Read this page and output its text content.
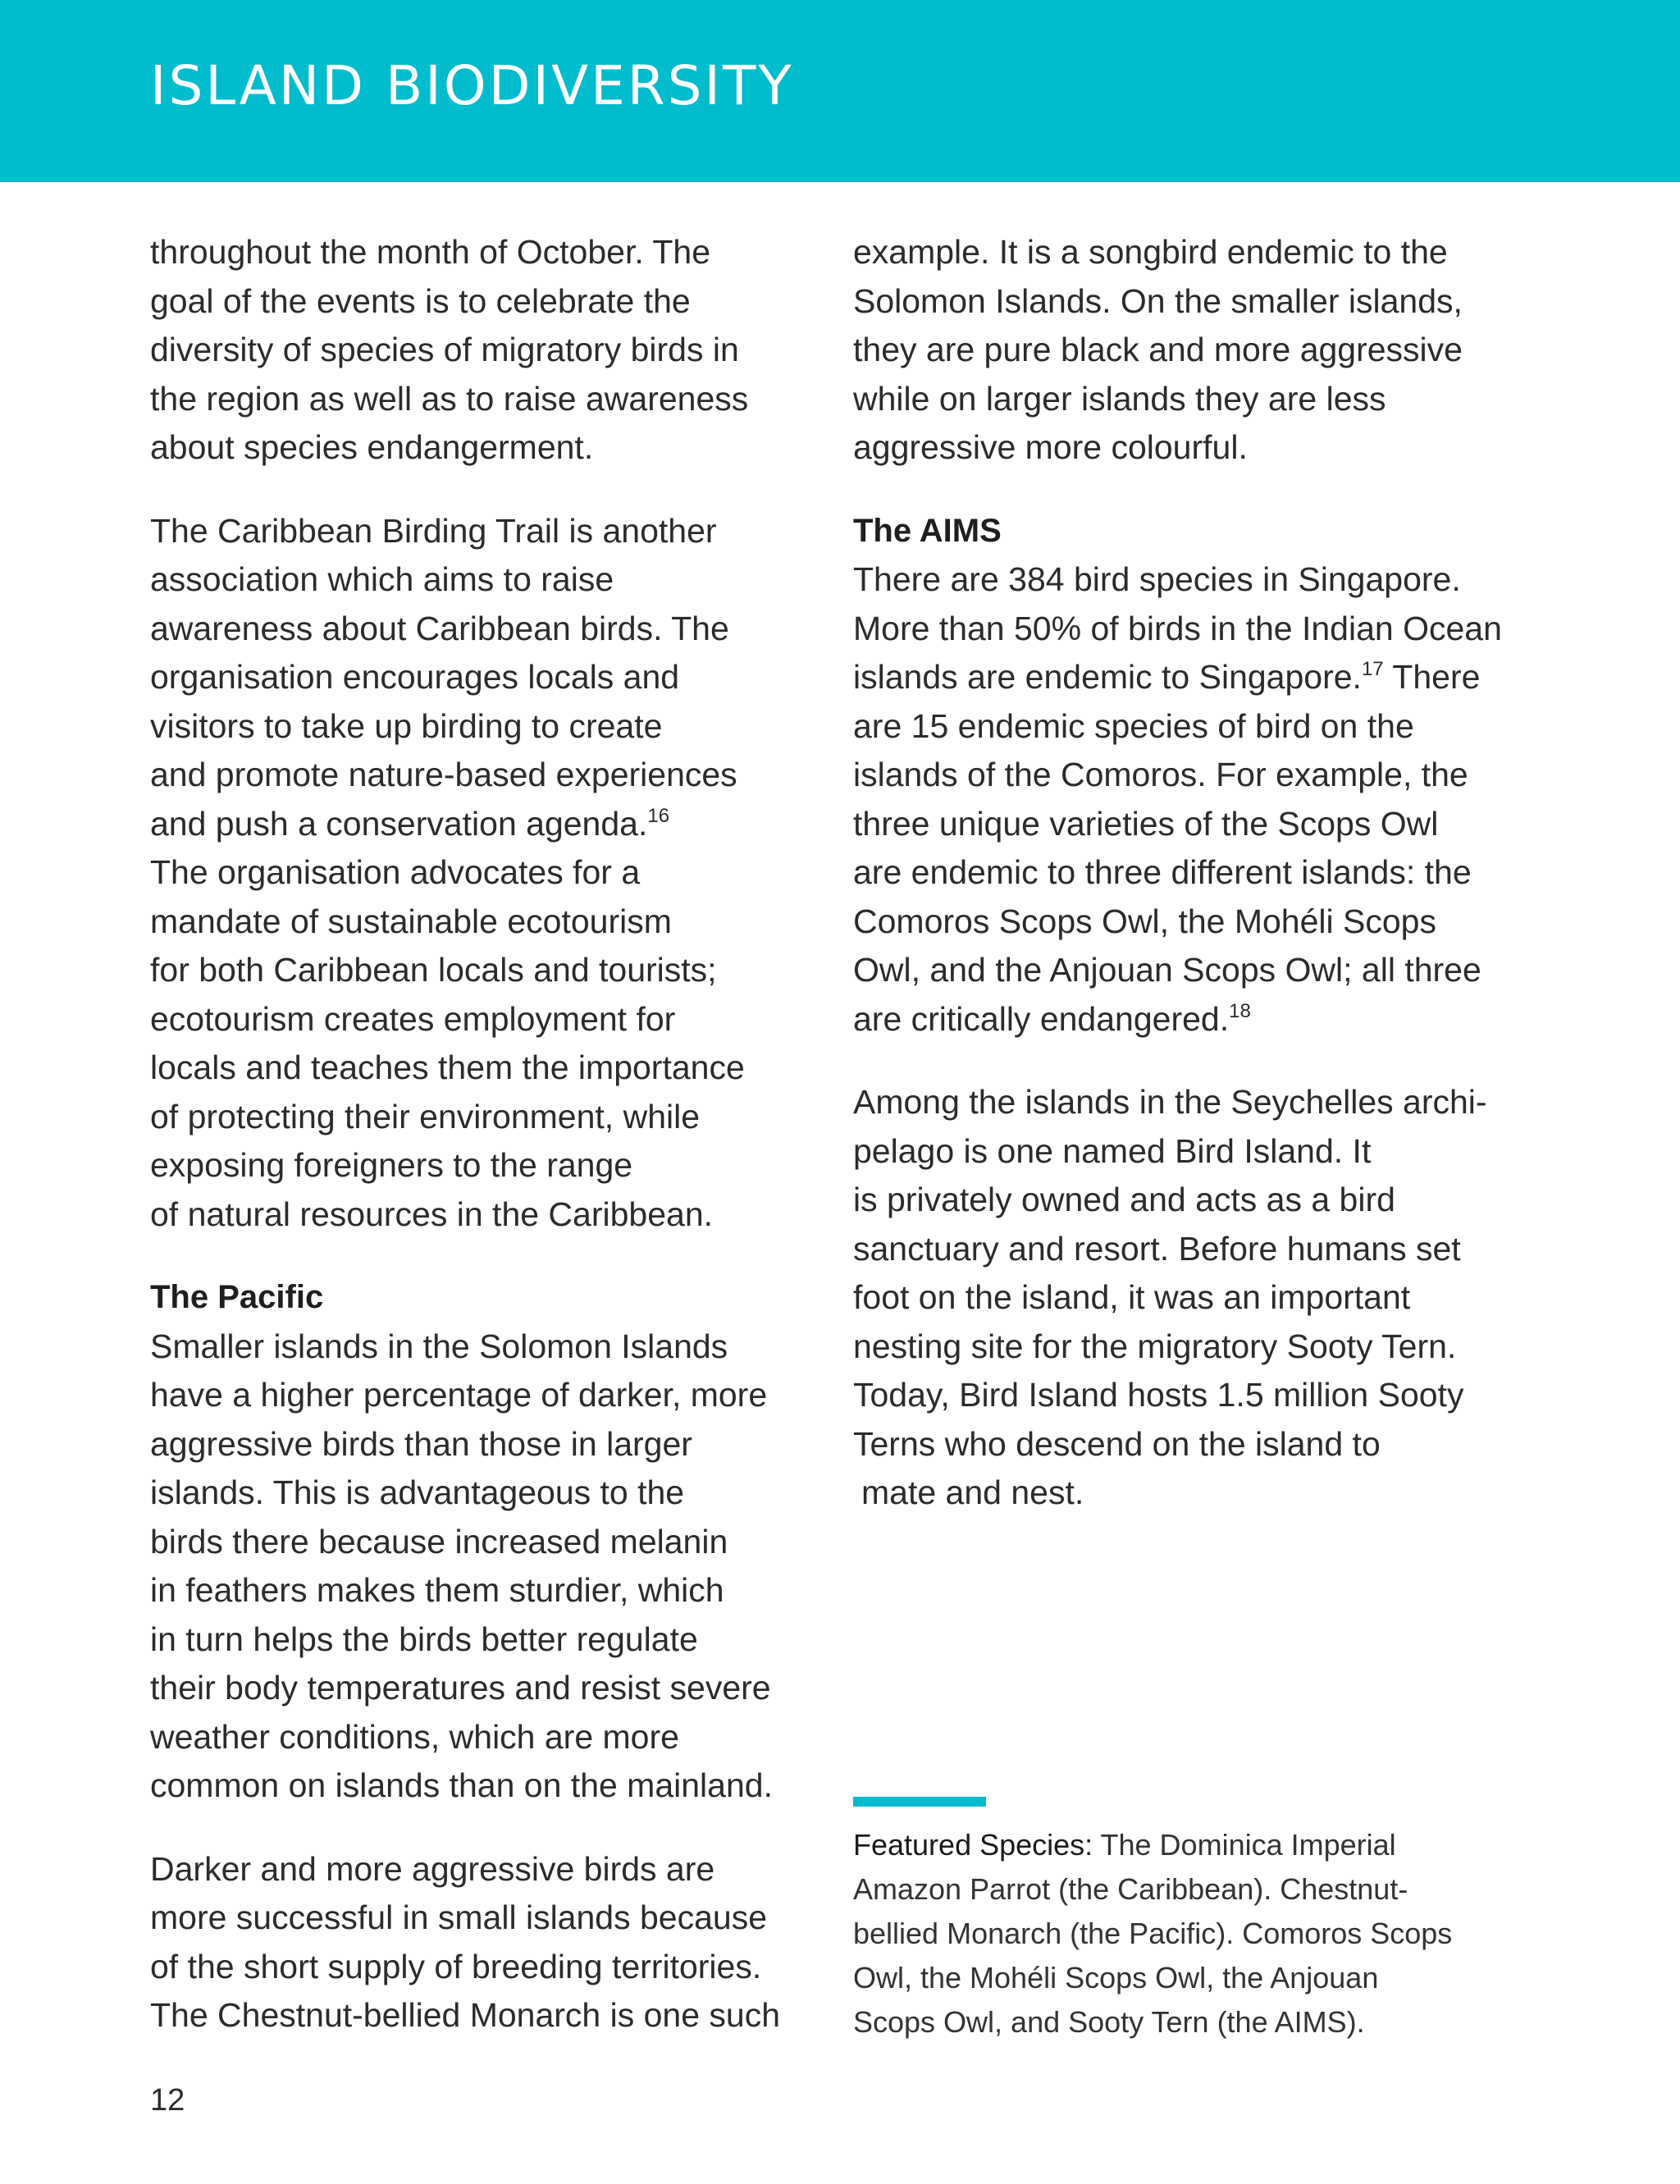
ISLAND BIODIVERSITY

throughout the month of October. The
goal of the events is to celebrate the
diversity of species of migratory birds in
the region as well as to raise awareness
about species endangerment.

The Caribbean Birding Trail is another
association which aims to raise
awareness about Caribbean birds. The
organisation encourages locals and
visitors to take up birding to create
and promote nature-based experiences
and push a conservation agenda.$^{16}$
The organisation advocates for a
mandate of sustainable ecotourism
for both Caribbean locals and tourists;
ecotourism creates employment for
locals and teaches them the importance
of protecting their environment, while
exposing foreigners to the range
of natural resources in the Caribbean.

The Pacific

Smaller islands in the Solomon Islands
have a higher percentage of darker, more
aggressive birds than those in larger
islands. This is advantageous to the
birds there because increased melanin
in feathers makes them sturdier, which
in turn helps the birds better regulate
their body temperatures and resist severe
weather conditions, which are more
common on islands than on the mainland.

Darker and more aggressive birds are
more successful in small islands because
of the short supply of breeding territories.
The Chestnut-bellied Monarch is one such

example. It is a songbird endemic to the
Solomon Islands. On the smaller islands,
they are pure black and more aggressive
while on larger islands they are less
aggressive more colourful.

The AIMS

There are 384 bird species in Singapore.
More than 50% of birds in the Indian Ocean
islands are endemic to Singapore.$^{17}$ There
are 15 endemic species of bird on the
islands of the Comoros. For example, the
three unique varieties of the Scops Owl
are endemic to three different islands: the
Comoros Scops Owl, the Mohéli Scops
Owl, and the Anjouan Scops Owl; all three
are critically endangered.$^{18}$

Among the islands in the Seychelles archi-
pelago is one named Bird Island. It
is privately owned and acts as a bird
sanctuary and resort. Before humans set
foot on the island, it was an important
nesting site for the migratory Sooty Tern.
Today, Bird Island hosts 1.5 million Sooty
Terns who descend on the island to
mate and nest.

Featured Species: The Dominica Imperial
Amazon Parrot (the Caribbean). Chestnut-
bellied Monarch (the Pacific). Comoros Scops
Owl, the Mohéli Scops Owl, the Anjouan
Scops Owl, and Sooty Tern (the AIMS).
12
